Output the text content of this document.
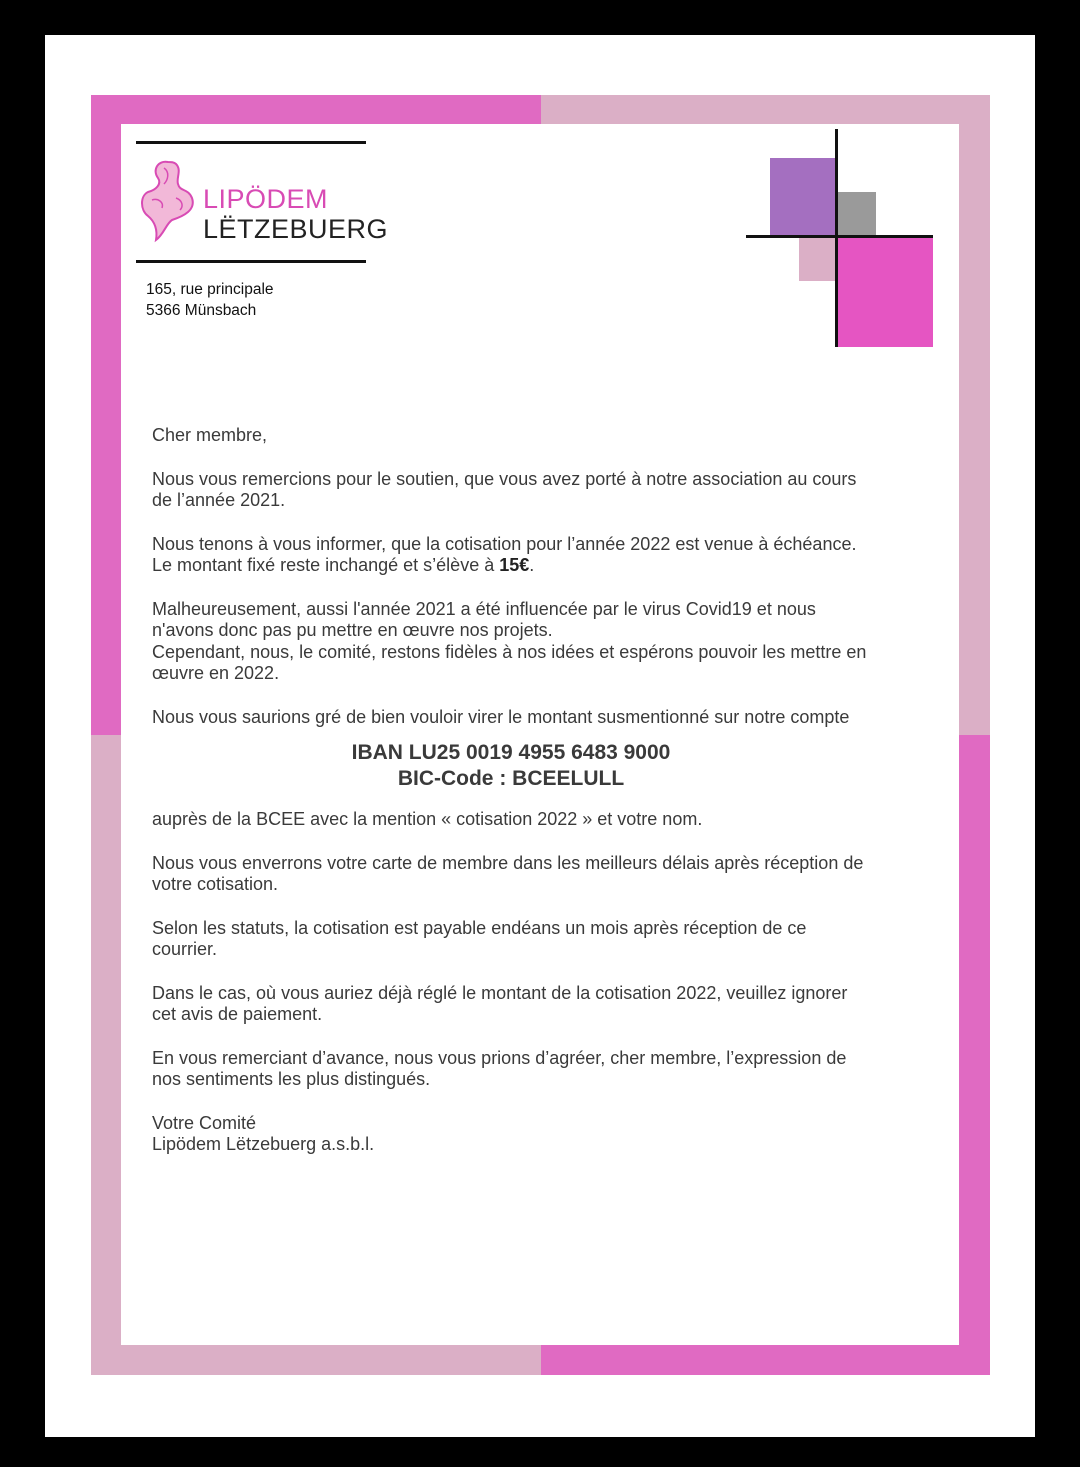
LIPÖDEM
LËTZEBUERG
165, rue principale
5366 Münsbach

Cher membre,

Nous vous remercions pour le soutien, que vous avez porté à notre association au cours de l’année 2021.

Nous tenons à vous informer, que la cotisation pour l’année 2022 est venue à échéance. Le montant fixé reste inchangé et s’élève à 15€.

Malheureusement, aussi l'année 2021 a été influencée par le virus Covid19 et nous n'avons donc pas pu mettre en œuvre nos projets.
Cependant, nous, le comité, restons fidèles à nos idées et espérons pouvoir les mettre en œuvre en 2022.

Nous vous saurions gré de bien vouloir virer le montant susmentionné sur notre compte

IBAN LU25 0019 4955 6483 9000
BIC-Code : BCEELULL

auprès de la BCEE avec la mention « cotisation 2022 » et votre nom.

Nous vous enverrons votre carte de membre dans les meilleurs délais après réception de votre cotisation.

Selon les statuts, la cotisation est payable endéans un mois après réception de ce courrier.

Dans le cas, où vous auriez déjà réglé le montant de la cotisation 2022, veuillez ignorer cet avis de paiement.

En vous remerciant d’avance, nous vous prions d’agréer, cher membre, l’expression de nos sentiments les plus distingués.

Votre Comité
Lipödem Lëtzebuerg a.s.b.l.
